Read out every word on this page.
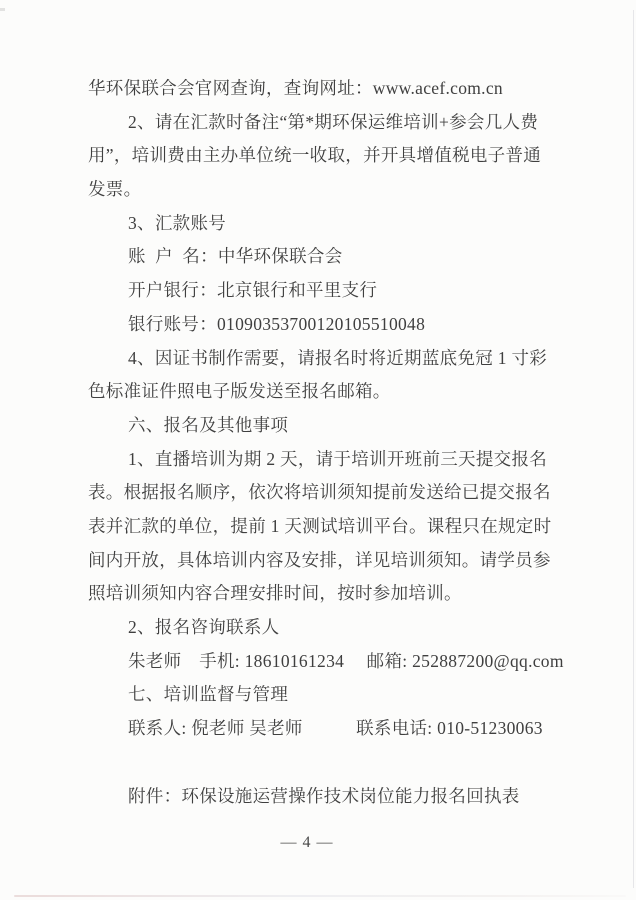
华环保联合会官网查询，查询网址：www.acef.com.cn
2、请在汇款时备注“第*期环保运维培训+参会几人费
用”，培训费由主办单位统一收取，并开具增值税电子普通
发票。
3、汇款账号
账  户  名：中华环保联合会
开户银行：北京银行和平里支行
银行账号：01090353700120105510048
4、因证书制作需要，请报名时将近期蓝底免冠 1 寸彩
色标准证件照电子版发送至报名邮箱。
六、报名及其他事项
1、直播培训为期 2 天，请于培训开班前三天提交报名
表。根据报名顺序，依次将培训须知提前发送给已提交报名
表并汇款的单位，提前 1 天测试培训平台。课程只在规定时
间内开放，具体培训内容及安排，详见培训须知。请学员参
照培训须知内容合理安排时间，按时参加培训。
2、报名咨询联系人
朱老师　手机: 18610161234　 邮箱: 252887200@qq.com
七、培训监督与管理
联系人: 倪老师 吴老师　　　联系电话: 010-51230063
附件：环保设施运营操作技术岗位能力报名回执表
— 4 —
